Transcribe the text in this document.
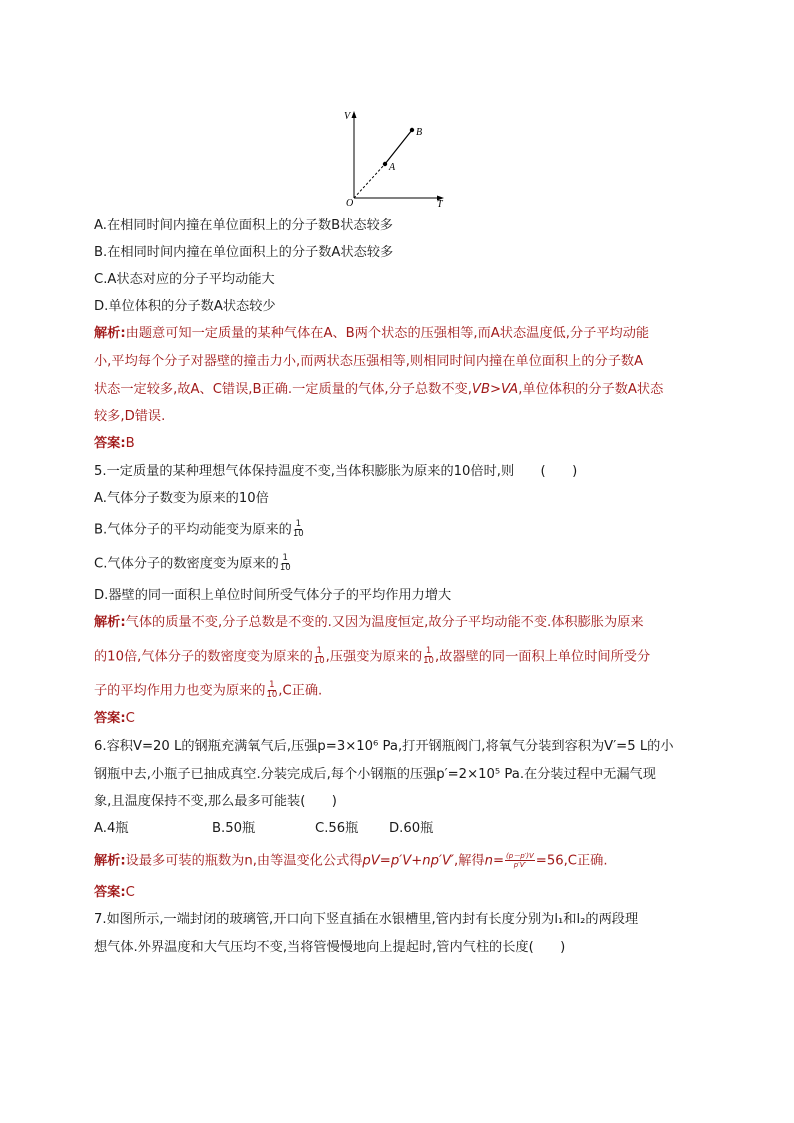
V
T
O
A
B
A.在相同时间内撞在单位面积上的分子数B状态较多
B.在相同时间内撞在单位面积上的分子数A状态较多
C.A状态对应的分子平均动能大
D.单位体积的分子数A状态较少
解析:由题意可知一定质量的某种气体在A、B两个状态的压强相等,而A状态温度低,分子平均动能
小,平均每个分子对器壁的撞击力小,而两状态压强相等,则相同时间内撞在单位面积上的分子数A
状态一定较多,故A、C错误,B正确.一定质量的气体,分子总数不变,VB>VA,单位体积的分子数A状态
较多,D错误.
答案:B
5.一定质量的某种理想气体保持温度不变,当体积膨胀为原来的10倍时,则　　(　　)
A.气体分子数变为原来的10倍
B.气体分子的平均动能变为原来的 $\frac{1}{10}$
C.气体分子的数密度变为原来的 $\frac{1}{10}$
D.器壁的同一面积上单位时间所受气体分子的平均作用力增大
解析:气体的质量不变,分子总数是不变的.又因为温度恒定,故分子平均动能不变.体积膨胀为原来
的10倍,气体分子的数密度变为原来的 $\frac{1}{10}$ ,压强变为原来的 $\frac{1}{10}$ ,故器壁的同一面积上单位时间所受分
子的平均作用力也变为原来的 $\frac{1}{10} ,C$正确.
答案:C
6.容积V=20 L的钢瓶充满氧气后,压强p=3×10⁶ Pa,打开钢瓶阀门,将氧气分装到容积为V′=5 L的小
钢瓶中去,小瓶子已抽成真空.分装完成后,每个小钢瓶的压强p′=2×10⁵ Pa.在分装过程中无漏气现
象,且温度保持不变,那么最多可能装(　　)
A.4瓶	B.50瓶	C.56瓶 D.60瓶
解析:设最多可装的瓶数为n,由等温变化公式得pV=p′V+np′V′,解得$n= \frac{(p-p')V}{p'V'} =56,C$正确.
答案:C
7.如图所示,一端封闭的玻璃管,开口向下竖直插在水银槽里,管内封有长度分别为l₁和l₂的两段理
想气体.外界温度和大气压均不变,当将管慢慢地向上提起时,管内气柱的长度(　　)
